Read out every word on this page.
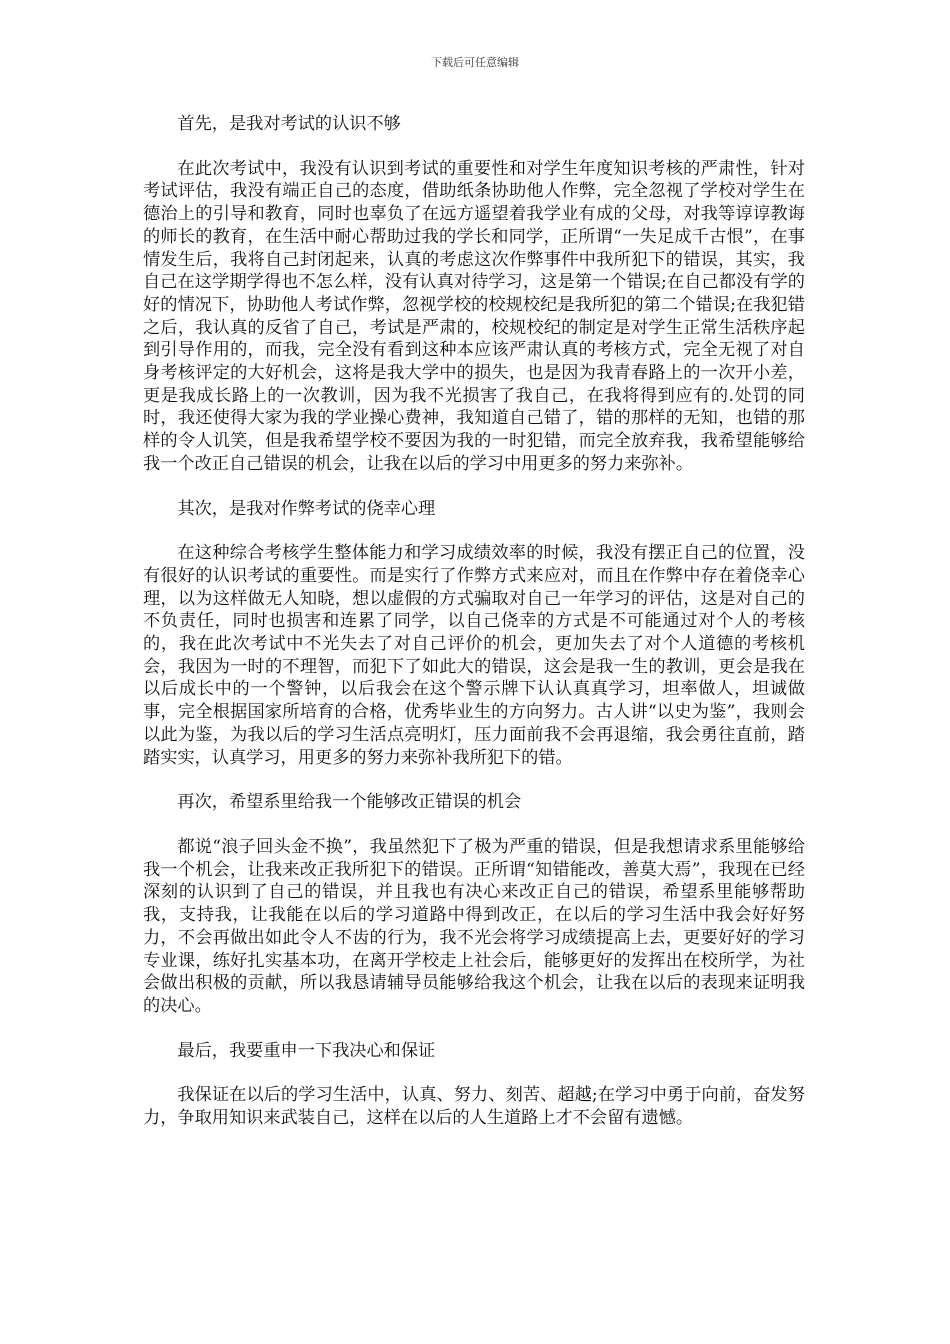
下载后可任意编辑

首先，是我对考试的认识不够

在此次考试中，我没有认识到考试的重要性和对学生年度知识考核的严肃性，针对考试评估，我没有端正自己的态度，借助纸条协助他人作弊，完全忽视了学校对学生在德治上的引导和教育，同时也辜负了在远方遥望着我学业有成的父母，对我等谆谆教诲的师长的教育，在生活中耐心帮助过我的学长和同学，正所谓“一失足成千古恨”，在事情发生后，我将自己封闭起来，认真的考虑这次作弊事件中我所犯下的错误，其实，我自己在这学期学得也不怎么样，没有认真对待学习，这是第一个错误;在自己都没有学的好的情况下，协助他人考试作弊，忽视学校的校规校纪是我所犯的第二个错误;在我犯错之后，我认真的反省了自己，考试是严肃的，校规校纪的制定是对学生正常生活秩序起到引导作用的，而我，完全没有看到这种本应该严肃认真的考核方式，完全无视了对自身考核评定的大好机会，这将是我大学中的损失，也是因为我青春路上的一次开小差，更是我成长路上的一次教训，因为我不光损害了我自己，在我将得到应有的.处罚的同时，我还使得大家为我的学业操心费神，我知道自己错了，错的那样的无知，也错的那样的令人讥笑，但是我希望学校不要因为我的一时犯错，而完全放弃我，我希望能够给我一个改正自己错误的机会，让我在以后的学习中用更多的努力来弥补。

其次，是我对作弊考试的侥幸心理

在这种综合考核学生整体能力和学习成绩效率的时候，我没有摆正自己的位置，没有很好的认识考试的重要性。而是实行了作弊方式来应对，而且在作弊中存在着侥幸心理，以为这样做无人知晓，想以虚假的方式骗取对自己一年学习的评估，这是对自己的不负责任，同时也损害和连累了同学，以自己侥幸的方式是不可能通过对个人的考核的，我在此次考试中不光失去了对自己评价的机会，更加失去了对个人道德的考核机会，我因为一时的不理智，而犯下了如此大的错误，这会是我一生的教训，更会是我在以后成长中的一个警钟，以后我会在这个警示牌下认认真真学习，坦率做人，坦诚做事，完全根据国家所培育的合格，优秀毕业生的方向努力。古人讲“以史为鉴”，我则会以此为鉴，为我以后的学习生活点亮明灯，压力面前我不会再退缩，我会勇往直前，踏踏实实，认真学习，用更多的努力来弥补我所犯下的错。

再次，希望系里给我一个能够改正错误的机会

都说“浪子回头金不换”，我虽然犯下了极为严重的错误，但是我想请求系里能够给我一个机会，让我来改正我所犯下的错误。正所谓“知错能改，善莫大焉”，我现在已经深刻的认识到了自己的错误，并且我也有决心来改正自己的错误，希望系里能够帮助我，支持我，让我能在以后的学习道路中得到改正，在以后的学习生活中我会好好努力，不会再做出如此令人不齿的行为，我不光会将学习成绩提高上去，更要好好的学习专业课，练好扎实基本功，在离开学校走上社会后，能够更好的发挥出在校所学，为社会做出积极的贡献，所以我恳请辅导员能够给我这个机会，让我在以后的表现来证明我的决心。

最后，我要重申一下我决心和保证

我保证在以后的学习生活中，认真、努力、刻苦、超越;在学习中勇于向前，奋发努力，争取用知识来武装自己，这样在以后的人生道路上才不会留有遗憾。
